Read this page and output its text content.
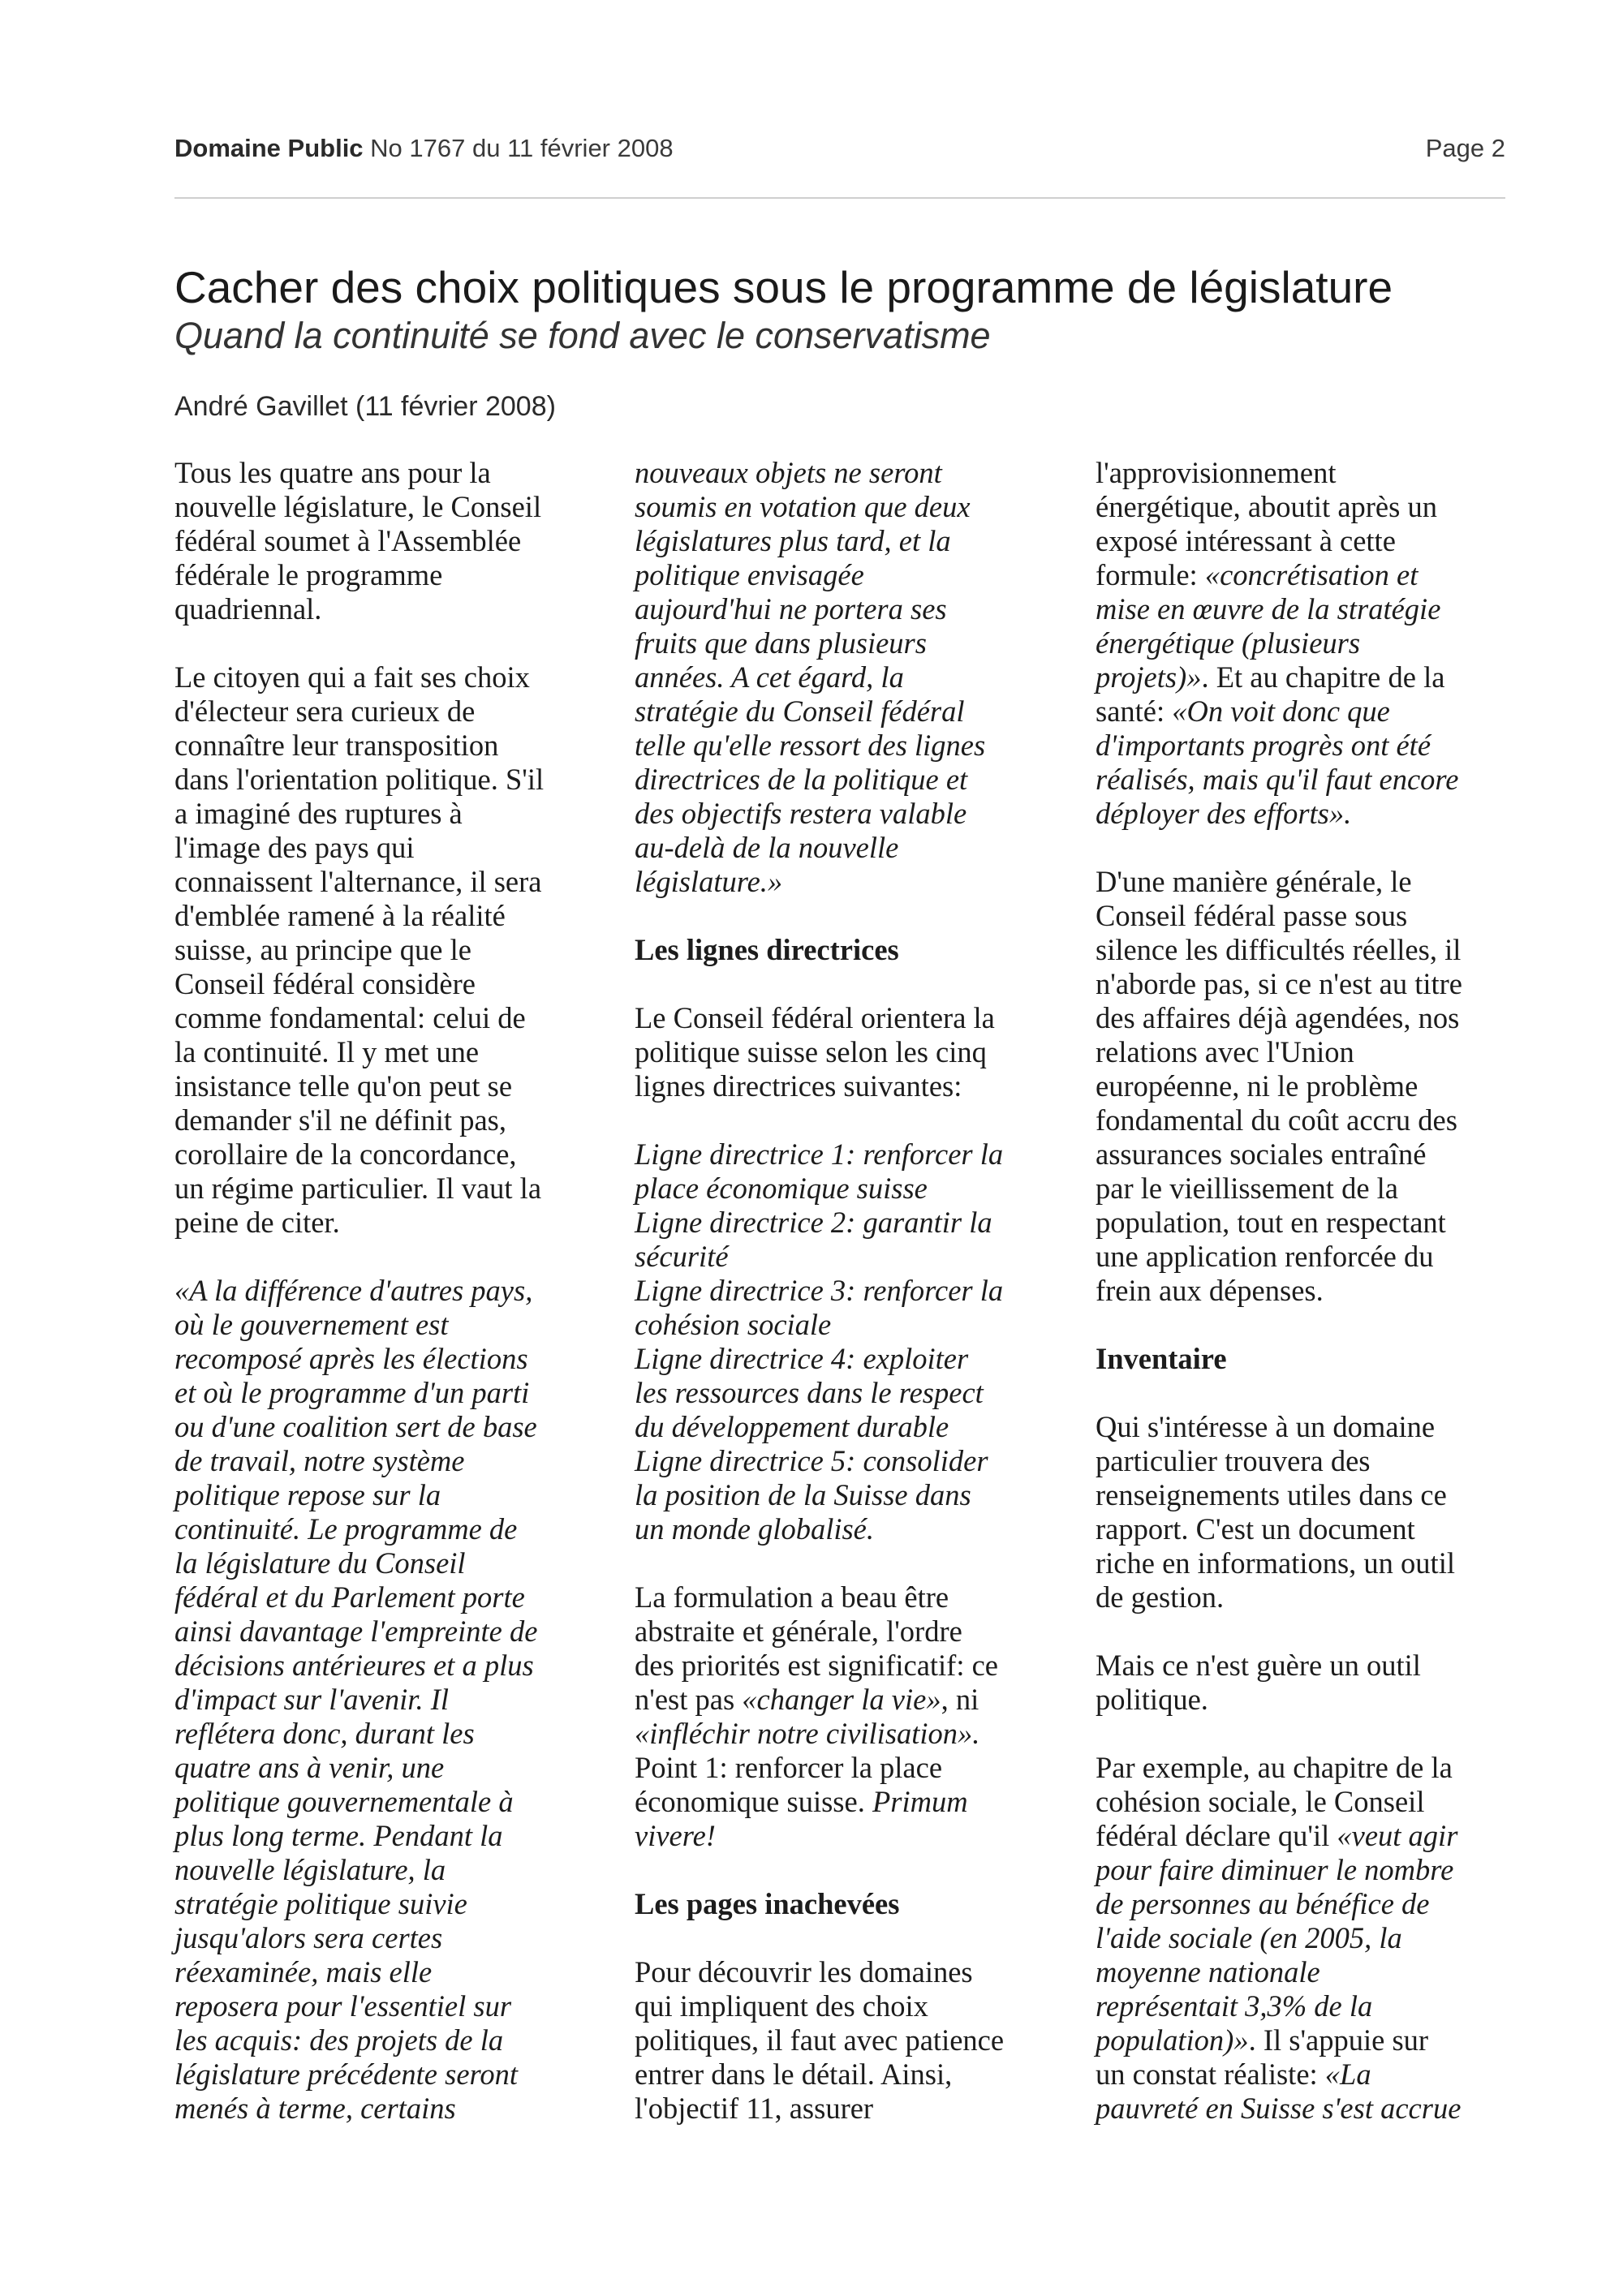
Domaine Public No 1767 du 11 février 2008	Page 2
Cacher des choix politiques sous le programme de législature
Quand la continuité se fond avec le conservatisme
André Gavillet (11 février 2008)

Tous les quatre ans pour la
nouvelle législature, le Conseil
fédéral soumet à l'Assemblée
fédérale le programme
quadriennal.

Le citoyen qui a fait ses choix
d'électeur sera curieux de
connaître leur transposition
dans l'orientation politique. S'il
a imaginé des ruptures à
l'image des pays qui
connaissent l'alternance, il sera
d'emblée ramené à la réalité
suisse, au principe que le
Conseil fédéral considère
comme fondamental: celui de
la continuité. Il y met une
insistance telle qu'on peut se
demander s'il ne définit pas,
corollaire de la concordance,
un régime particulier. Il vaut la
peine de citer.

«A la différence d'autres pays,
où le gouvernement est
recomposé après les élections
et où le programme d'un parti
ou d'une coalition sert de base
de travail, notre système
politique repose sur la
continuité. Le programme de
la législature du Conseil
fédéral et du Parlement porte
ainsi davantage l'empreinte de
décisions antérieures et a plus
d'impact sur l'avenir. Il
reflétera donc, durant les
quatre ans à venir, une
politique gouvernementale à
plus long terme. Pendant la
nouvelle législature, la
stratégie politique suivie
jusqu'alors sera certes
réexaminée, mais elle
reposera pour l'essentiel sur
les acquis: des projets de la
législature précédente seront
menés à terme, certains

nouveaux objets ne seront
soumis en votation que deux
législatures plus tard, et la
politique envisagée
aujourd'hui ne portera ses
fruits que dans plusieurs
années. A cet égard, la
stratégie du Conseil fédéral
telle qu'elle ressort des lignes
directrices de la politique et
des objectifs restera valable
au-delà de la nouvelle
législature.»

Les lignes directrices

Le Conseil fédéral orientera la
politique suisse selon les cinq
lignes directrices suivantes:

Ligne directrice 1: renforcer la
place économique suisse
Ligne directrice 2: garantir la
sécurité
Ligne directrice 3: renforcer la
cohésion sociale
Ligne directrice 4: exploiter
les ressources dans le respect
du développement durable
Ligne directrice 5: consolider
la position de la Suisse dans
un monde globalisé.

La formulation a beau être
abstraite et générale, l'ordre
des priorités est significatif: ce
n'est pas «changer la vie», ni
«infléchir notre civilisation».
Point 1: renforcer la place
économique suisse. Primum
vivere!

Les pages inachevées

Pour découvrir les domaines
qui impliquent des choix
politiques, il faut avec patience
entrer dans le détail. Ainsi,
l'objectif 11, assurer

l'approvisionnement
énergétique, aboutit après un
exposé intéressant à cette
formule: «concrétisation et
mise en œuvre de la stratégie
énergétique (plusieurs
projets)». Et au chapitre de la
santé: «On voit donc que
d'importants progrès ont été
réalisés, mais qu'il faut encore
déployer des efforts».

D'une manière générale, le
Conseil fédéral passe sous
silence les difficultés réelles, il
n'aborde pas, si ce n'est au titre
des affaires déjà agendées, nos
relations avec l'Union
européenne, ni le problème
fondamental du coût accru des
assurances sociales entraîné
par le vieillissement de la
population, tout en respectant
une application renforcée du
frein aux dépenses.

Inventaire

Qui s'intéresse à un domaine
particulier trouvera des
renseignements utiles dans ce
rapport. C'est un document
riche en informations, un outil
de gestion.

Mais ce n'est guère un outil
politique.

Par exemple, au chapitre de la
cohésion sociale, le Conseil
fédéral déclare qu'il «veut agir
pour faire diminuer le nombre
de personnes au bénéfice de
l'aide sociale (en 2005, la
moyenne nationale
représentait 3,3% de la
population)». Il s'appuie sur
un constat réaliste: «La
pauvreté en Suisse s'est accrue
